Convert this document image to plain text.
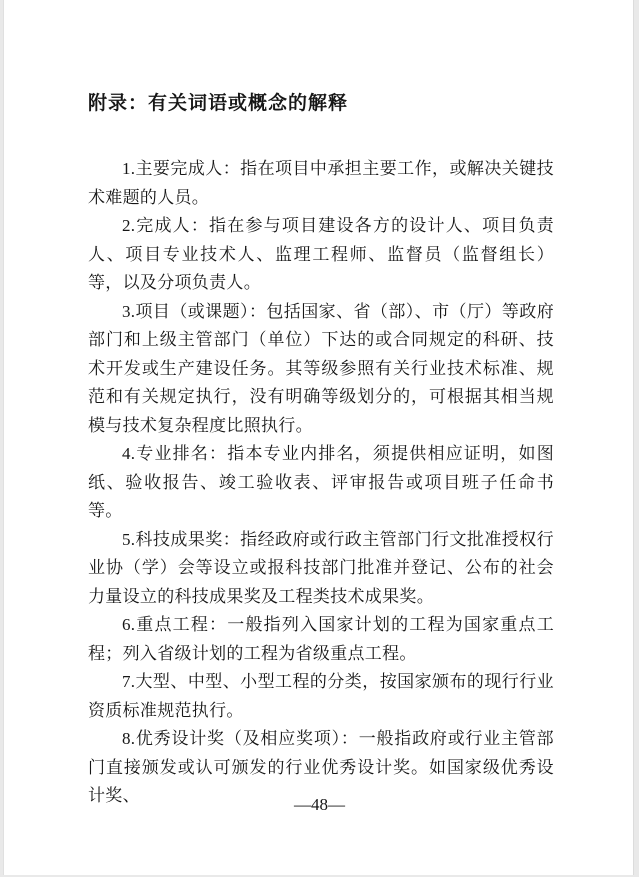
附录：有关词语或概念的解释

1.主要完成人：指在项目中承担主要工作，或解决关键技术难题的人员。

2.完成人：指在参与项目建设各方的设计人、项目负责人、项目专业技术人、监理工程师、监督员（监督组长）等，以及分项负责人。

3.项目（或课题）：包括国家、省（部）、市（厅）等政府部门和上级主管部门（单位）下达的或合同规定的科研、技术开发或生产建设任务。其等级参照有关行业技术标准、规范和有关规定执行，没有明确等级划分的，可根据其相当规模与技术复杂程度比照执行。

4.专业排名：指本专业内排名，须提供相应证明，如图纸、验收报告、竣工验收表、评审报告或项目班子任命书等。

5.科技成果奖：指经政府或行政主管部门行文批准授权行业协（学）会等设立或报科技部门批准并登记、公布的社会力量设立的科技成果奖及工程类技术成果奖。

6.重点工程：一般指列入国家计划的工程为国家重点工程；列入省级计划的工程为省级重点工程。

7.大型、中型、小型工程的分类，按国家颁布的现行行业资质标准规范执行。

8.优秀设计奖（及相应奖项）：一般指政府或行业主管部门直接颁发或认可颁发的行业优秀设计奖。如国家级优秀设计奖、	—48—
